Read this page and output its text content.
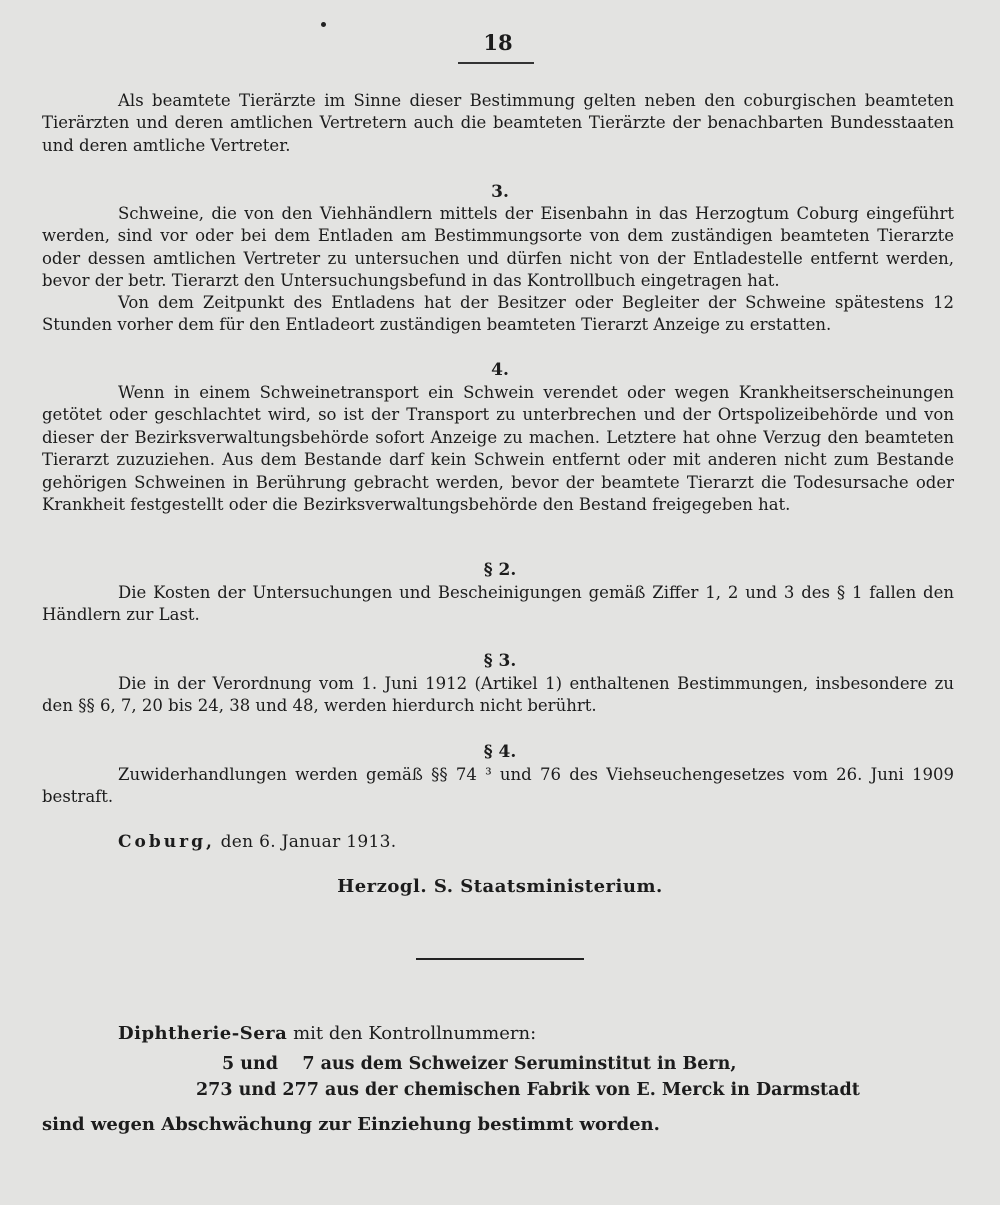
18
Als beamtete Tierärzte im Sinne dieser Bestimmung gelten neben den coburgischen beamteten Tierärzten und deren amtlichen Vertretern auch die beamteten Tierärzte der benachbarten Bundesstaaten und deren amtliche Vertreter.
3.
Schweine, die von den Viehhändlern mittels der Eisenbahn in das Herzogtum Coburg eingeführt werden, sind vor oder bei dem Entladen am Bestimmungsorte von dem zuständigen beamteten Tierarzte oder dessen amtlichen Vertreter zu untersuchen und dürfen nicht von der Entladestelle entfernt werden, bevor der betr. Tierarzt den Untersuchungsbefund in das Kontrollbuch eingetragen hat.
Von dem Zeitpunkt des Entladens hat der Besitzer oder Begleiter der Schweine spätestens 12 Stunden vorher dem für den Entladeort zuständigen beamteten Tierarzt Anzeige zu erstatten.
4.
Wenn in einem Schweinetransport ein Schwein verendet oder wegen Krankheitserscheinungen getötet oder geschlachtet wird, so ist der Transport zu unterbrechen und der Ortspolizeibehörde und von dieser der Bezirksverwaltungsbehörde sofort Anzeige zu machen. Letztere hat ohne Verzug den beamteten Tierarzt zuzuziehen. Aus dem Bestande darf kein Schwein entfernt oder mit anderen nicht zum Bestande gehörigen Schweinen in Berührung gebracht werden, bevor der beamtete Tierarzt die Todesursache oder Krankheit festgestellt oder die Bezirksverwaltungsbehörde den Bestand freigegeben hat.
§ 2.
Die Kosten der Untersuchungen und Bescheinigungen gemäß Ziffer 1, 2 und 3 des § 1 fallen den Händlern zur Last.
§ 3.
Die in der Verordnung vom 1. Juni 1912 (Artikel 1) enthaltenen Bestimmungen, insbesondere zu den §§ 6, 7, 20 bis 24, 38 und 48, werden hierdurch nicht berührt.
§ 4.
Zuwiderhandlungen werden gemäß §§ 74 ³ und 76 des Viehseuchengesetzes vom 26. Juni 1909 bestraft.
Coburg, den 6. Januar 1913.
Herzogl. S. Staatsministerium.
Diphtherie-Sera mit den Kontrollnummern:
5 und    7 aus dem Schweizer Seruminstitut in Bern,
273 und 277 aus der chemischen Fabrik von E. Merck in Darmstadt
sind wegen Abschwächung zur Einziehung bestimmt worden.
